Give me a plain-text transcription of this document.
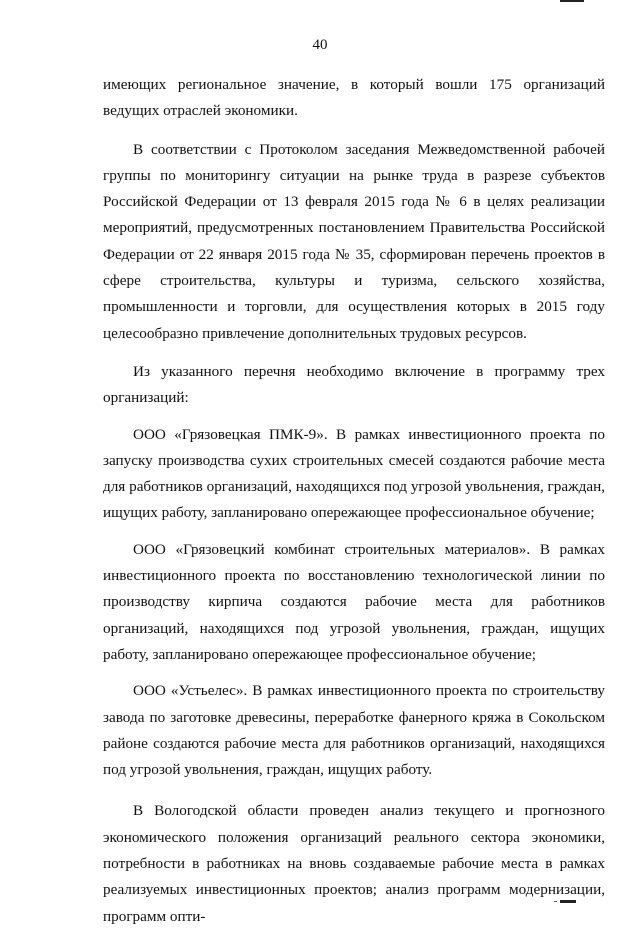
40

имеющих региональное значение, в который вошли 175 организаций ведущих отраслей экономики.

В соответствии с Протоколом заседания Межведомственной рабочей группы по мониторингу ситуации на рынке труда в разрезе субъектов Российской Федерации от 13 февраля 2015 года № 6 в целях реализации мероприятий, предусмотренных постановлением Правительства Российской Федерации от 22 января 2015 года № 35, сформирован перечень проектов в сфере строительства, культуры и туризма, сельского хозяйства, промышленности и торговли, для осуществления которых в 2015 году целесообразно привлечение дополнительных трудовых ресурсов.

Из указанного перечня необходимо включение в программу трех организаций:

ООО «Грязовецкая ПМК-9». В рамках инвестиционного проекта по запуску производства сухих строительных смесей создаются рабочие места для работников организаций, находящихся под угрозой увольнения, граждан, ищущих работу, запланировано опережающее профессиональное обучение;

ООО «Грязовецкий комбинат строительных материалов». В рамках инвестиционного проекта по восстановлению технологической линии по производству кирпича создаются рабочие места для работников организаций, находящихся под угрозой увольнения, граждан, ищущих работу, запланировано опережающее профессиональное обучение;

ООО «Устьелес». В рамках инвестиционного проекта по строительству завода по заготовке древесины, переработке фанерного кряжа в Сокольском районе создаются рабочие места для работников организаций, находящихся под угрозой увольнения, граждан, ищущих работу.

В Вологодской области проведен анализ текущего и прогнозного экономического положения организаций реального сектора экономики, потребности в работниках на вновь создаваемые рабочие места в рамках реализуемых инвестиционных проектов; анализ программ модернизации, программ опти-
